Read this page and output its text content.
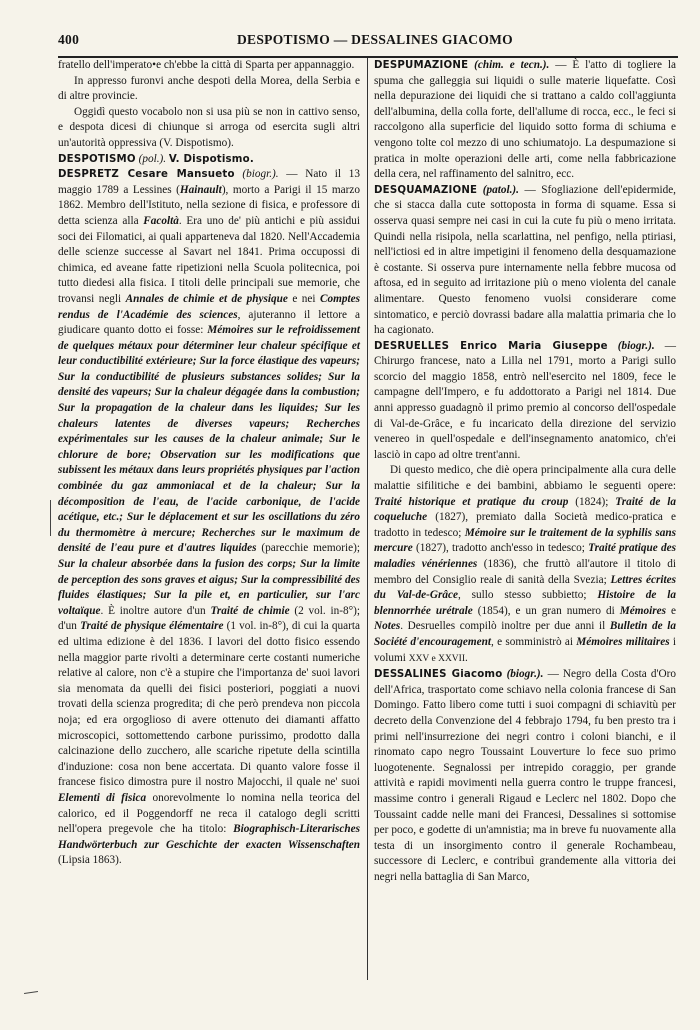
400	DESPOTISMO — DESSALINES GIACOMO

fratello dell'imperato•e ch'ebbe la città di Sparta per appannaggio.

In appresso furonvi anche despoti della Morea, della Serbia e di altre provincie.

Oggidì questo vocabolo non si usa più se non in cattivo senso, e despota dicesi di chiunque si arroga od esercita sugli altri un'autorità oppressiva (V. Dispotismo).

DESPOTISMO (pol.). V. Dispotismo.

DESPRETZ Cesare Mansueto (biogr.). — Nato il 13 maggio 1789 a Lessines (Hainault), morto a Parigi il 15 marzo 1862. Membro dell'Istituto, nella sezione di fisica, e professore di detta scienza alla Facoltà. Era uno de' più antichi e più assidui soci dei Filomatici, ai quali apparteneva dal 1820. Nell'Accademia delle scienze successe al Savart nel 1841. Prima occupossi di chimica, ed aveane fatte ripetizioni nella Scuola politecnica, poi tutto diedesi alla fisica. I titoli delle principali sue memorie, che trovansi negli Annales de chimie et de physique e nei Comptes rendus de l'Académie des sciences, ajuteranno il lettore a giudicare quanto dotto ei fosse: Mémoires sur le refroidissement de quelques métaux pour déterminer leur chaleur spécifique et leur conductibilité extérieure; Sur la force élastique des vapeurs; Sur la conductibilité de plusieurs substances solides; Sur la densité des vapeurs; Sur la chaleur dégagée dans la combustion; Sur la propagation de la chaleur dans les liquides; Sur les chaleurs latentes de diverses vapeurs; Recherches expérimentales sur les causes de la chaleur animale; Sur le chlorure de bore; Observation sur les modifications que subissent les métaux dans leurs propriétés physiques par l'action combinée du gaz ammoniacal et de la chaleur; Sur la décomposition de l'eau, de l'acide carbonique, de l'acide acétique, etc.; Sur le déplacement et sur les oscillations du zéro du thermomètre à mercure; Recherches sur le maximum de densité de l'eau pure et d'autres liquides (parecchie memorie); Sur la chaleur absorbée dans la fusion des corps; Sur la limite de perception des sons graves et aigus; Sur la compressibilité des fluides élastiques; Sur la pile et, en particulier, sur l'arc voltaïque. È inoltre autore d'un Traité de chimie (2 vol. in-8°); d'un Traité de physique élémentaire (1 vol. in-8°), di cui la quarta ed ultima edizione è del 1836. I lavori del dotto fisico essendo nella maggior parte rivolti a determinare certe costanti numeriche relative al calore, non c'è a stupire che l'importanza de' suoi lavori sia menomata da quelli dei fisici posteriori, poggiati a nuovi trovati della scienza progredita; di che però prendeva non piccola noja; ed era orgoglioso di avere ottenuto dei diamanti affatto microscopici, sottomettendo carbone purissimo, prodotto dalla calcinazione dello zucchero, alle scariche ripetute della scintilla d'induzione: cosa non bene accertata. Di quanto valore fosse il francese fisico dimostra pure il nostro Majocchi, il quale ne' suoi Elementi di fisica onorevolmente lo nomina nella teorica del calorico, ed il Poggendorff ne reca il catalogo degli scritti nell'opera pregevole che ha titolo: Biographisch-Literarisches Handwörterbuch zur Geschichte der exacten Wissenschaften (Lipsia 1863).

DESPUMAZIONE (chim. e tecn.). — È l'atto di togliere la spuma che galleggia sui liquidi o sulle materie liquefatte. Così nella depurazione dei liquidi che si trattano a caldo coll'aggiunta dell'albumina, della colla forte, dell'allume di rocca, ecc., le feci si raccolgono alla superficie del liquido sotto forma di schiuma e vengono tolte col mezzo di uno schiumatojo. La despumazione si pratica in molte operazioni delle arti, come nella fabbricazione della cera, nel raffinamento del salnitro, ecc.

DESQUAMAZIONE (patol.). — Sfogliazione dell'epidermide, che si stacca dalla cute sottoposta in forma di squame. Essa si osserva quasi sempre nei casi in cui la cute fu più o meno irritata. Quindi nella risipola, nella scarlattina, nel penfigo, nella ptiriasi, nell'ictiosi ed in altre impetigini il fenomeno della desquamazione è costante. Si osserva pure internamente nella febbre mucosa od aftosa, ed in seguito ad irritazione più o meno violenta del canale alimentare. Questo fenomeno vuolsi considerare come sintomatico, e perciò dovrassi badare alla malattia primaria che lo ha cagionato.

DESRUELLES Enrico Maria Giuseppe (biogr.). — Chirurgo francese, nato a Lilla nel 1791, morto a Parigi sullo scorcio del maggio 1858, entrò nell'esercito nel 1809, fece le campagne dell'Impero, e fu addottorato a Parigi nel 1814. Due anni appresso guadagnò il primo premio al concorso dell'ospedale di Val-de-Grâce, e fu incaricato della direzione del servizio venereo in quell'ospedale e dell'insegnamento anatomico, ch'ei lasciò in capo ad oltre trent'anni.

Di questo medico, che diè opera principalmente alla cura delle malattie sifilitiche e dei bambini, abbiamo le seguenti opere: Traité historique et pratique du croup (1824); Traité de la coqueluche (1827), premiato dalla Società medico-pratica e tradotto in tedesco; Mémoire sur le traitement de la syphilis sans mercure (1827), tradotto anch'esso in tedesco; Traité pratique des maladies vénériennes (1836), che fruttò all'autore il titolo di membro del Consiglio reale di sanità della Svezia; Lettres écrites du Val-de-Grâce, sullo stesso subbietto; Histoire de la blennorrhée urétrale (1854), e un gran numero di Mémoires e Notes. Desruelles compilò inoltre per due anni il Bulletin de la Société d'encouragement, e somministrò ai Mémoires militaires i volumi XXV e XXVII.

DESSALINES Giacomo (biogr.). — Negro della Costa d'Oro dell'Africa, trasportato come schiavo nella colonia francese di San Domingo. Fatto libero come tutti i suoi compagni di schiavitù per decreto della Convenzione del 4 febbrajo 1794, fu ben presto tra i primi nell'insurrezione dei negri contro i coloni bianchi, e il rinomato capo negro Toussaint Louverture lo fece suo primo luogotenente. Segnalossi per intrepido coraggio, per grande attività e rapidi movimenti nella guerra contro le truppe francesi, massime contro i generali Rigaud e Leclerc nel 1802. Dopo che Toussaint cadde nelle mani dei Francesi, Dessalines si sottomise per poco, e godette di un'amnistia; ma in breve fu nuovamente alla testa di un insorgimento contro il generale Rochambeau, successore di Leclerc, e contribuì grandemente alla vittoria dei negri nella battaglia di San Marco,
